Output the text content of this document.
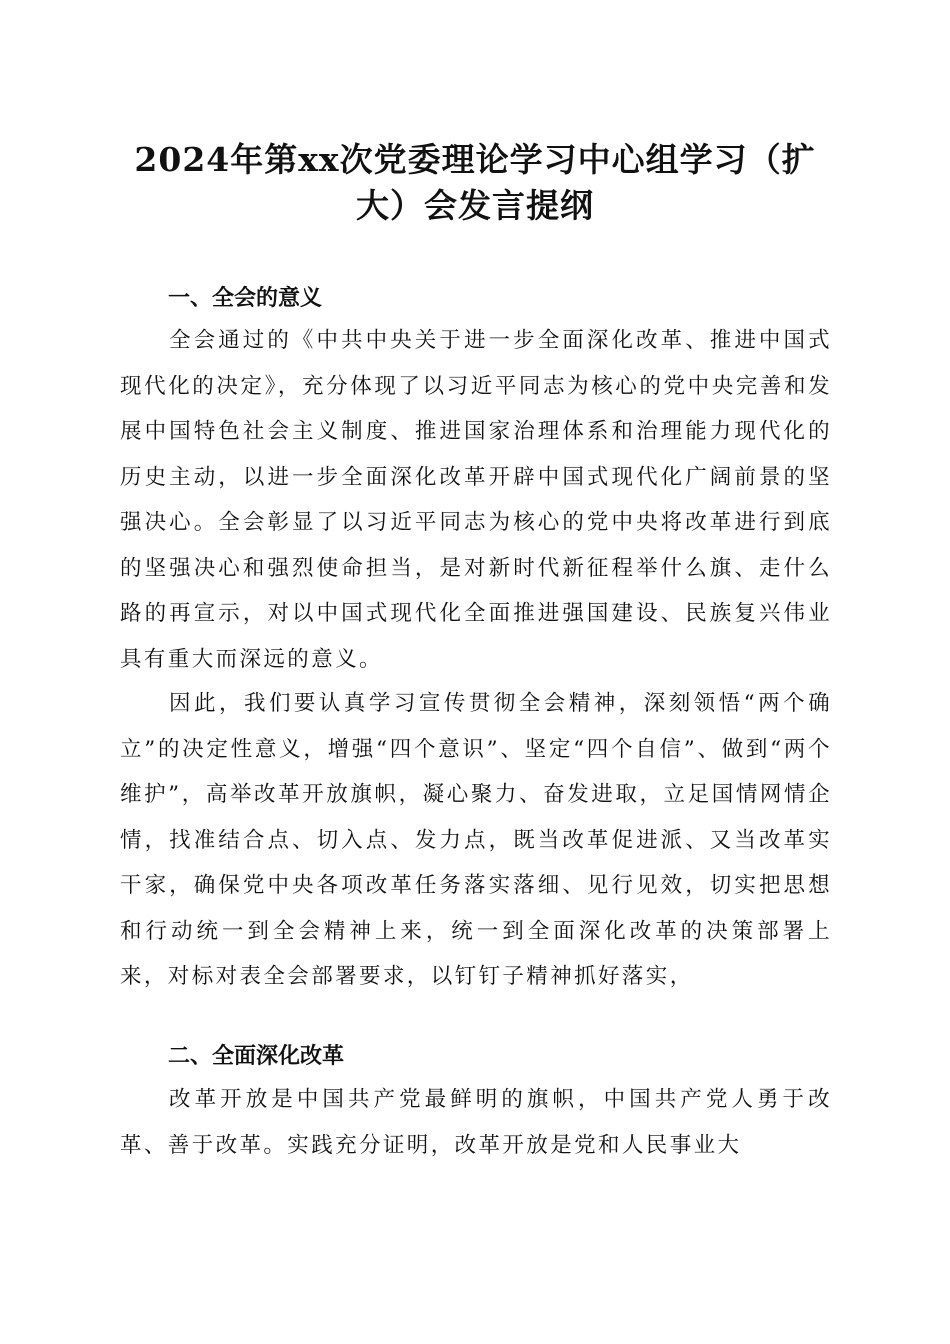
2024年第xx次党委理论学习中心组学习（扩
大）会发言提纲
一、全会的意义

全会通过的《中共中央关于进一步全面深化改革、推进中国式现代化的决定》，充分体现了以习近平同志为核心的党中央完善和发展中国特色社会主义制度、推进国家治理体系和治理能力现代化的历史主动，以进一步全面深化改革开辟中国式现代化广阔前景的坚强决心。全会彰显了以习近平同志为核心的党中央将改革进行到底的坚强决心和强烈使命担当，是对新时代新征程举什么旗、走什么路的再宣示，对以中国式现代化全面推进强国建设、民族复兴伟业具有重大而深远的意义。

因此，我们要认真学习宣传贯彻全会精神，深刻领悟“两个确立”的决定性意义，增强“四个意识”、坚定“四个自信”、做到“两个维护”，高举改革开放旗帜，凝心聚力、奋发进取，立足国情网情企情，找准结合点、切入点、发力点，既当改革促进派、又当改革实干家，确保党中央各项改革任务落实落细、见行见效，切实把思想和行动统一到全会精神上来，统一到全面深化改革的决策部署上来，对标对表全会部署要求，以钉钉子精神抓好落实，

二、全面深化改革

改革开放是中国共产党最鲜明的旗帜，中国共产党人勇于改革、善于改革。实践充分证明，改革开放是党和人民事业大
